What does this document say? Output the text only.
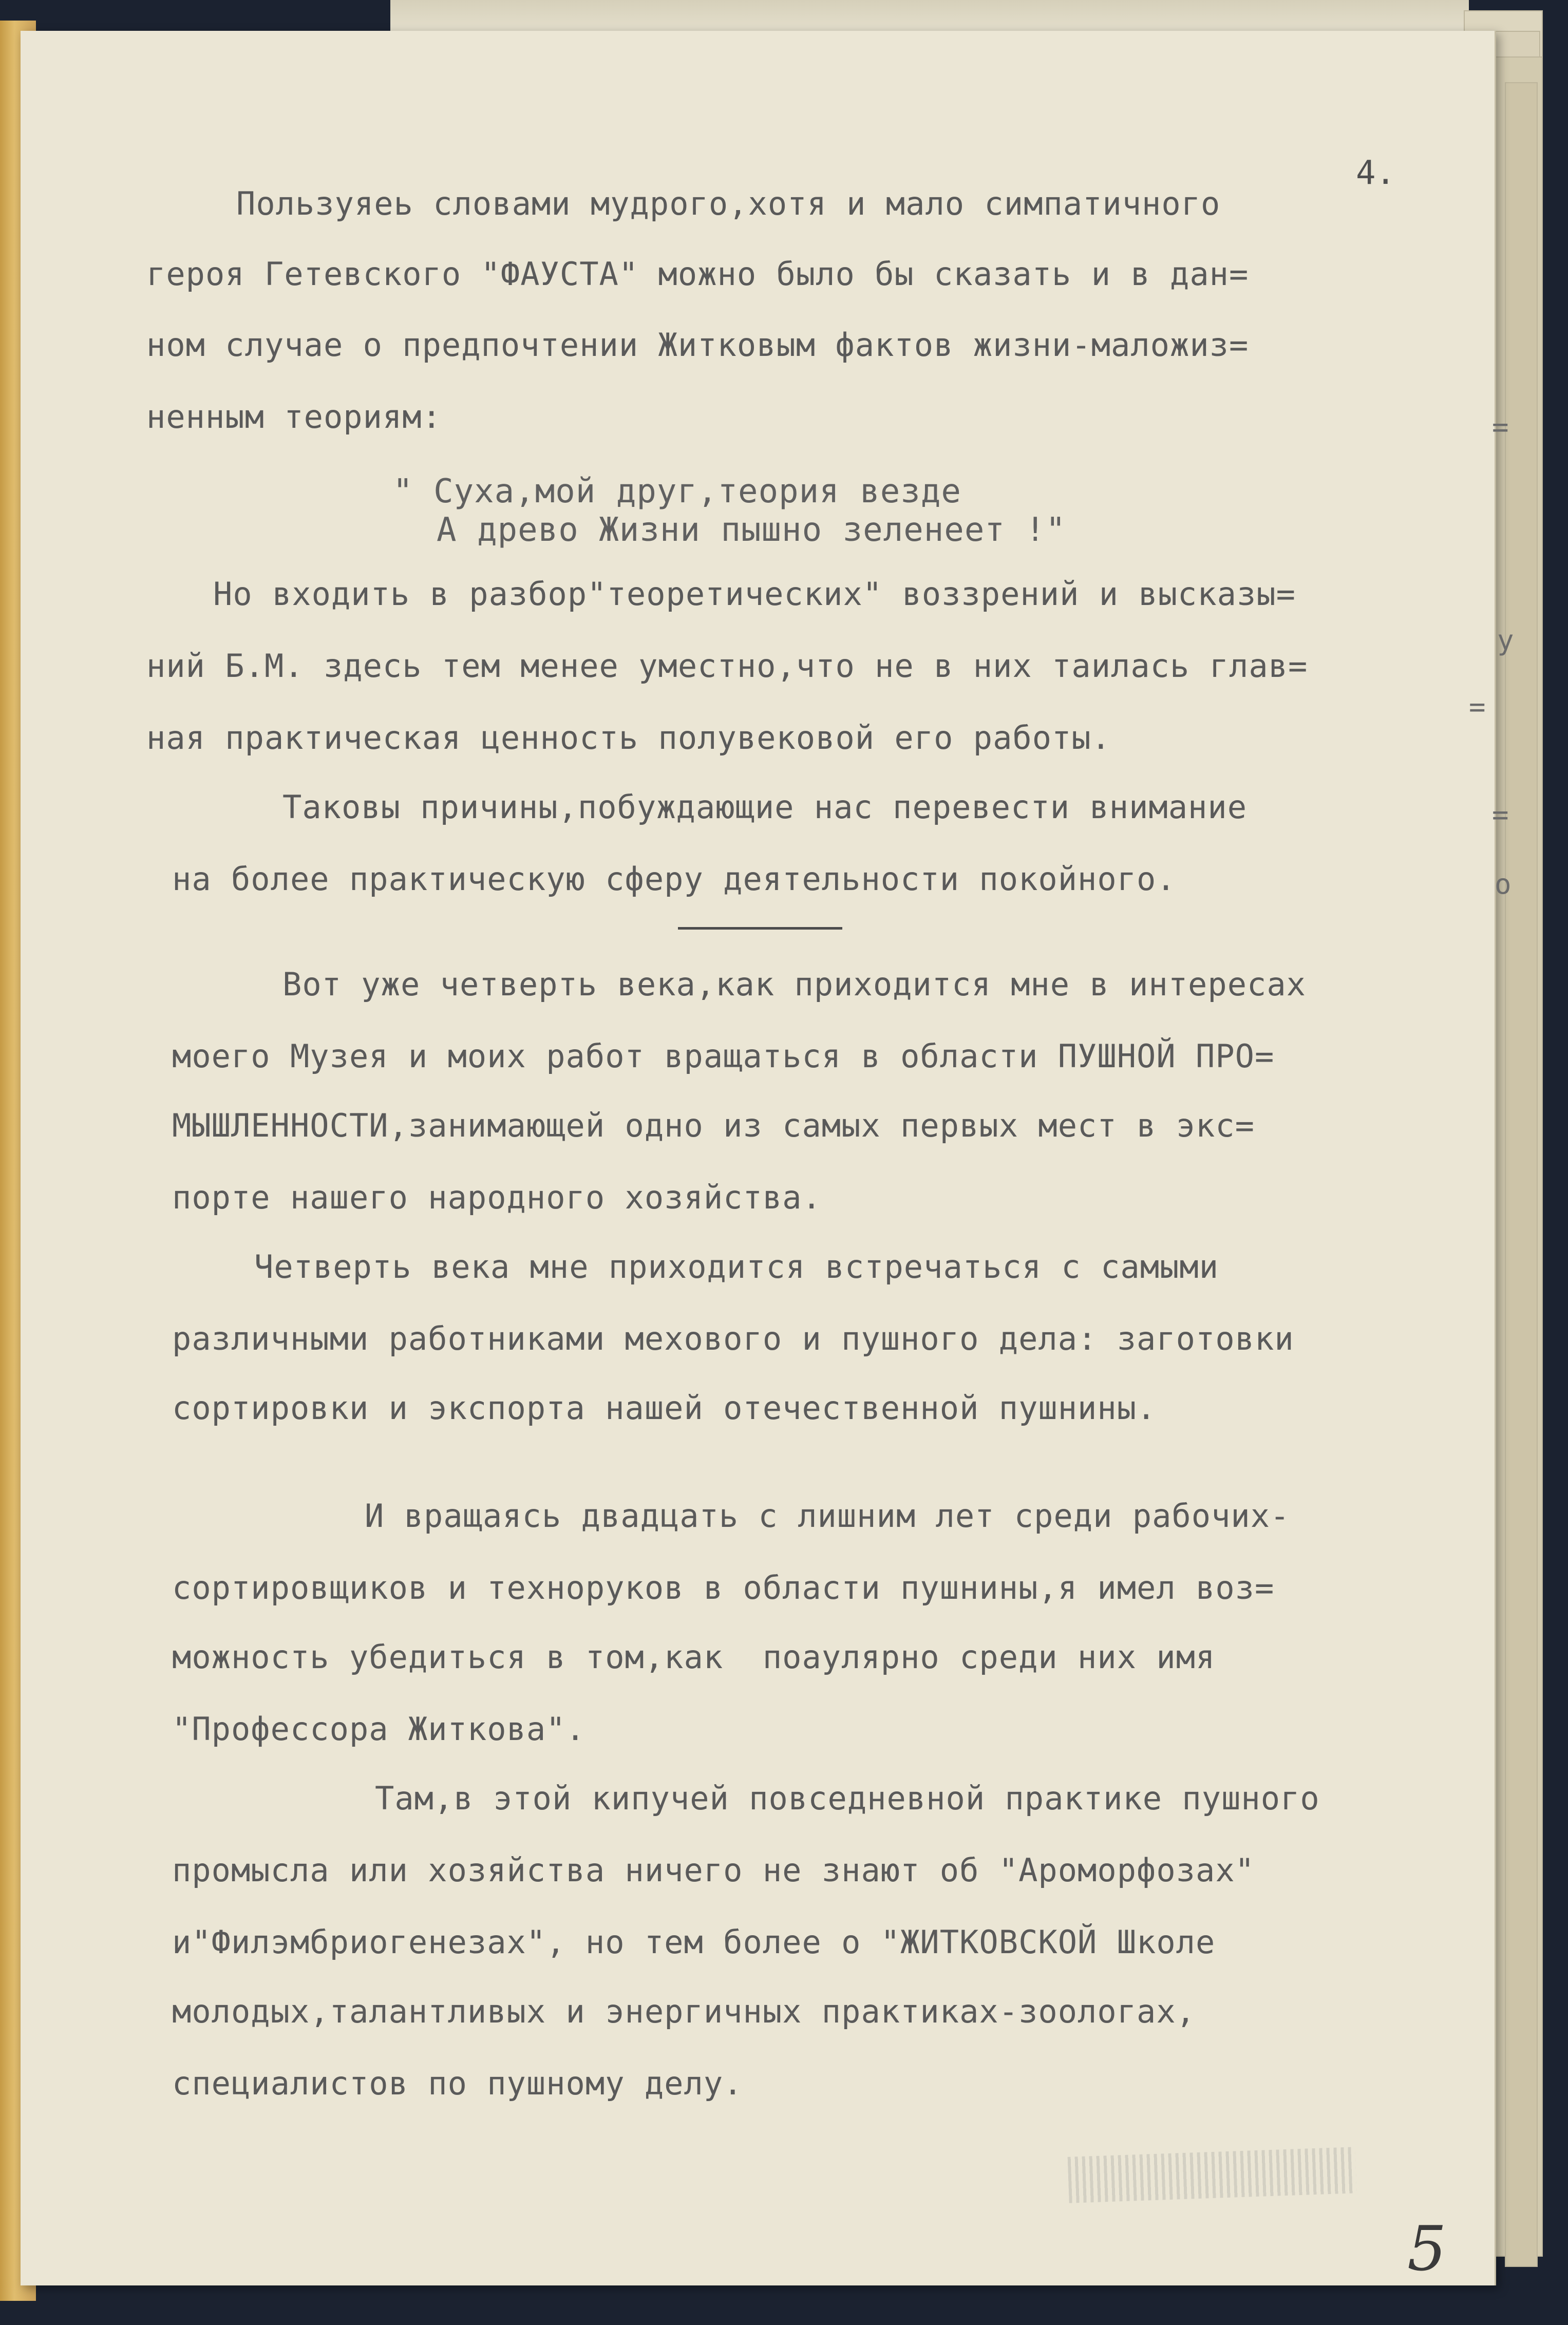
4.
Пользуяеь словами мудрого,хотя и мало симпатичного
героя Гетевского "ФАУСТА" можно было бы сказать и в дан=
ном случае о предпочтении Житковым фактов жизни-маложиз=
ненным теориям:
" Суха,мой друг,теория везде
А древо Жизни пышно зеленеет !"
Но входить в разбор"теоретических" воззрений и высказы=
ний Б.М. здесь тем менее уместно,что не в них таилась глав=
ная практическая ценность полувековой его работы.
Таковы причины,побуждающие нас перевести внимание
на более практическую сферу деятельности покойного.
Вот уже четверть века,как приходится мне в интересах
моего Музея и моих работ вращаться в области ПУШНОЙ ПРО=
МЫШЛЕННОСТИ,занимающей одно из самых первых мест в экс=
порте нашего народного хозяйства.
Четверть века мне приходится встречаться с самыми
различными работниками мехового и пушного дела: заготовки
сортировки и экспорта нашей отечественной пушнины.
И вращаясь двадцать с лишним лет среди рабочих-
сортировщиков и технoруков в области пушнины,я имел воз=
можность убедиться в том,как  поаулярно среди них имя
"Профессора Житкова".
Там,в этой кипучей повседневной практике пушного
промысла или хозяйства ничего не знают об "Ароморфозах"
и"Филэмбриогенезах", но тем более о "ЖИТКОВСКОЙ Школе
молодых,талантливых и энергичных практиках-зоологах,
специалистов по пушному делу.
5
=
у
=
=
о
